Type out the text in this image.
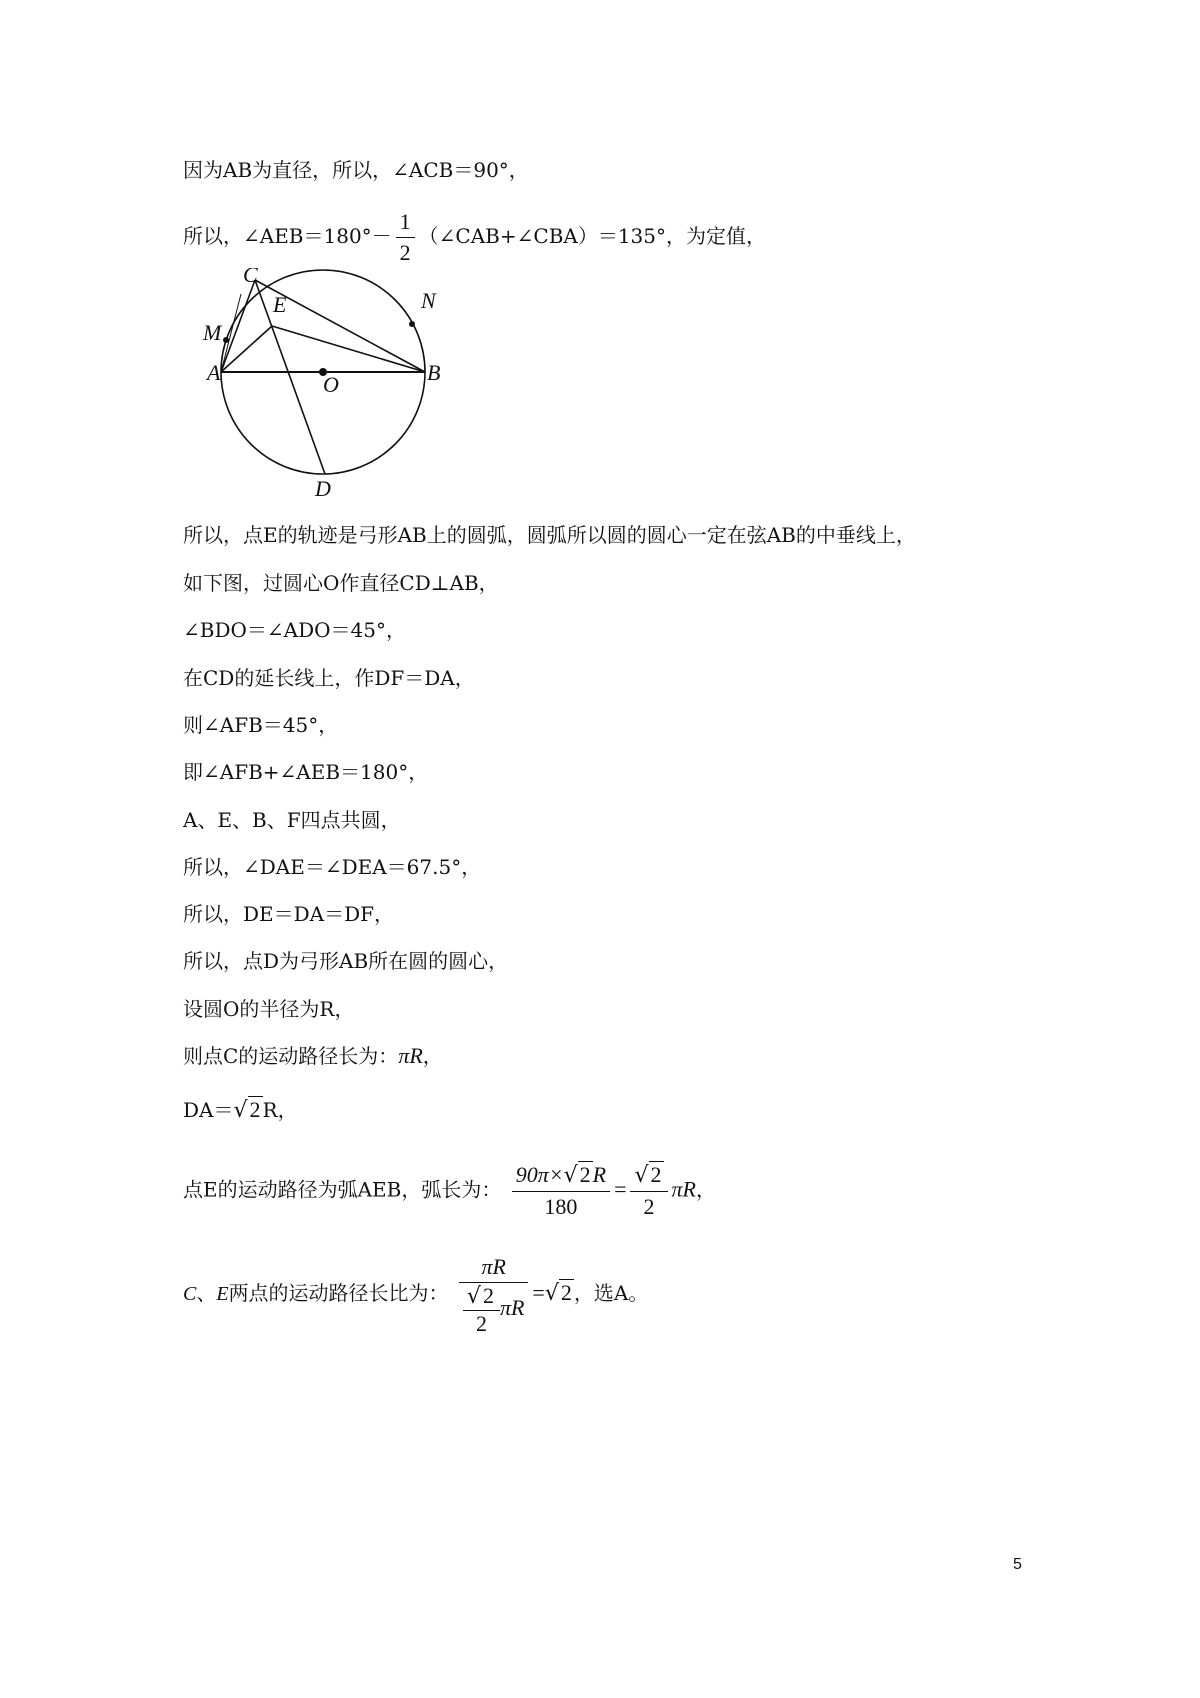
因为AB为直径，所以，∠ACB＝90°，
所以，∠AEB＝180°－ $\frac{1}{2}$ （∠CAB+∠CBA）＝135°，为定值，
C
E	N
M
A	O	B
D
所以，点E的轨迹是弓形AB上的圆弧，圆弧所以圆的圆心一定在弦AB的中垂线上，
如下图，过圆心O作直径CD⊥AB，
∠BDO＝∠ADO＝45°，
在CD的延长线上，作DF＝DA，
则∠AFB＝45°，
即∠AFB+∠AEB＝180°，
A、E、B、F四点共圆，
所以，∠DAE＝∠DEA＝67.5°，
所以，DE＝DA＝DF，
所以，点D为弓形AB所在圆的圆心，
设圆O的半径为R，
则点C的运动路径长为：πR，
DA＝√2 R，
点E的运动路径为弧AEB，弧长为： $\frac{90\pi\times√2R}{180} = \frac{√2}{2}$ πR，
C、E两点的运动路径长比为： $\frac{\pi R}{\frac{√2}{2} \pi R} =√2$ ，选A。
5
